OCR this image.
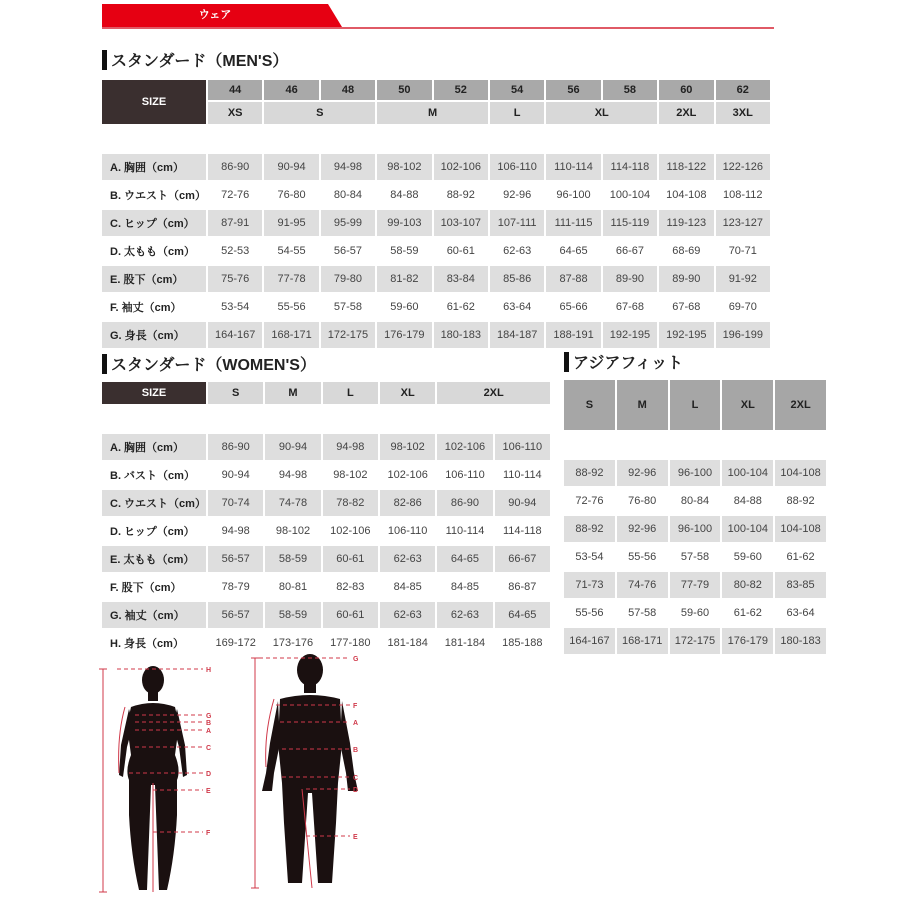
ウェア
スタンダード（MEN'S）
SIZE	44	46	48	50	52	54	56	58	60	62
	XS	S		M		L	XL		2XL	3XL

A. 胸囲（cm）	86-90	90-94	94-98	98-102	102-106	106-110	110-114	114-118	118-122	122-126
B. ウエスト（cm）	72-76	76-80	80-84	84-88	88-92	92-96	96-100	100-104	104-108	108-112
C. ヒップ（cm）	87-91	91-95	95-99	99-103	103-107	107-111	111-115	115-119	119-123	123-127
D. 太もも（cm）	52-53	54-55	56-57	58-59	60-61	62-63	64-65	66-67	68-69	70-71
E. 股下（cm）	75-76	77-78	79-80	81-82	83-84	85-86	87-88	89-90	89-90	91-92
F. 袖丈（cm）	53-54	55-56	57-58	59-60	61-62	63-64	65-66	67-68	67-68	69-70
G. 身長（cm）	164-167	168-171	172-175	176-179	180-183	184-187	188-191	192-195	192-195	196-199
スタンダード（WOMEN'S）
SIZE	S	M	L	XL	2XL	

A. 胸囲（cm）	86-90	90-94	94-98	98-102	102-106	106-110
B. バスト（cm）	90-94	94-98	98-102	102-106	106-110	110-114
C. ウエスト（cm）	70-74	74-78	78-82	82-86	86-90	90-94
D. ヒップ（cm）	94-98	98-102	102-106	106-110	110-114	114-118
E. 太もも（cm）	56-57	58-59	60-61	62-63	64-65	66-67
F. 股下（cm）	78-79	80-81	82-83	84-85	84-85	86-87
G. 袖丈（cm）	56-57	58-59	60-61	62-63	62-63	64-65
H. 身長（cm）	169-172	173-176	177-180	181-184	181-184	185-188
アジアフィット
S	M	L	XL	2XL

88-92	92-96	96-100	100-104	104-108
72-76	76-80	80-84	84-88	88-92
88-92	92-96	96-100	100-104	104-108
53-54	55-56	57-58	59-60	61-62
71-73	74-76	77-79	80-82	83-85
55-56	57-58	59-60	61-62	63-64
164-167	168-171	172-175	176-179	180-183
H
G
B
A
C
D
E
F
G
F
A
B
C
D
E
